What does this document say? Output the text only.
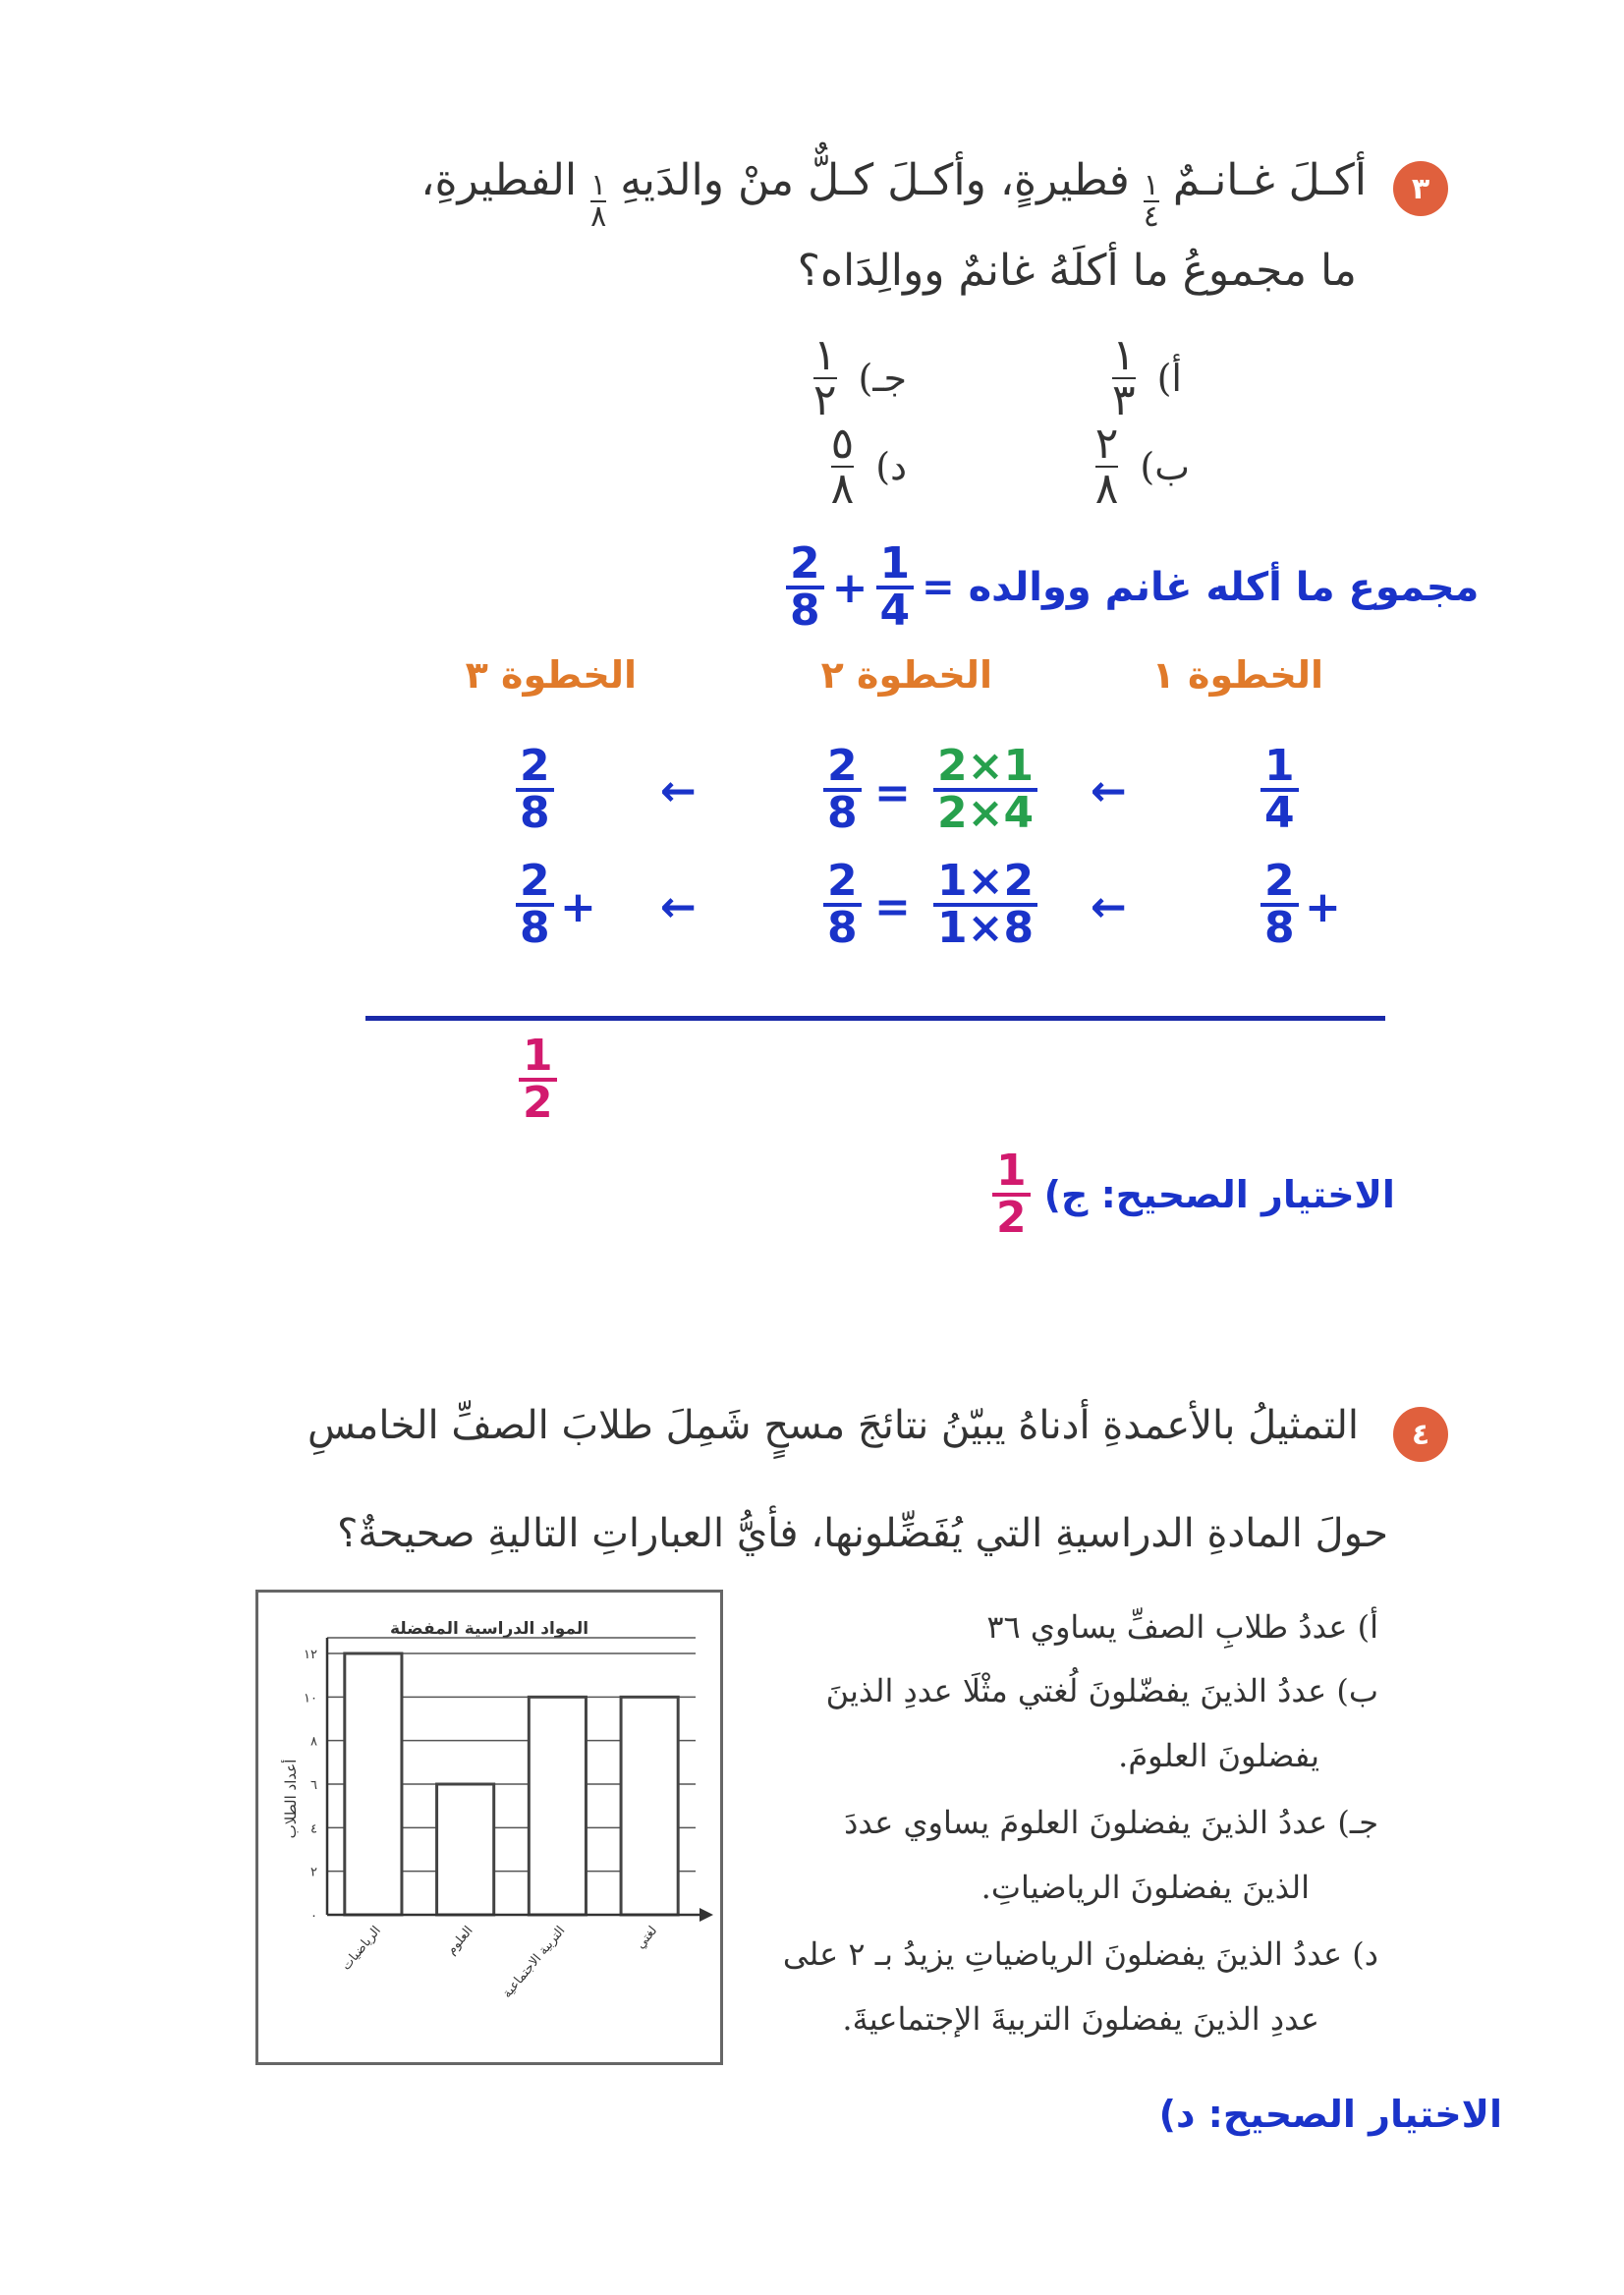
٣
أكـلَ غـانـمٌ
١
٤
فطيرةٍ، وأكـلَ كـلٌّ منْ والدَيهِ
١
٨
الفطيرةِ،
ما مجموعُ ما أكلَهُ غانمٌ ووالِدَاه؟
أ)
١
٣
ب)
٢
٨
جـ)
١
٢
د)
٥
٨
$\frac{2}{8} + \frac{1}{4}$ مجموع ما أكله غانم ووالده =
الخطوة ١
الخطوة ٢
الخطوة ٣
$\frac{1}{4}$
←
$\frac{2\times 1}{2\times 4}$
=
$\frac{2}{8}$
←
$\frac{2}{8}$
+
$\frac{2}{8}$
←
$\frac{1\times 2}{1\times 8}$
=
$\frac{2}{8}$
←
+
$\frac{2}{8}$
$\frac{1}{2}$
$\frac{1}{2}$ الاختيار الصحيح: ج)
٤
التمثيلُ بالأعمدةِ أدناهُ يبيّنُ نتائجَ مسحٍ شَمِلَ طلابَ الصفِّ الخامسِ
حولَ المادةِ الدراسيةِ التي يُفَضِّلونها، فأيُّ العباراتِ التاليةِ صحيحةٌ؟
أ) عددُ طلابِ الصفِّ يساوي ٣٦
ب) عددُ الذينَ يفضّلونَ لُغتي مثْلَا عددِ الذينَ
يفضلونَ العلومَ.
جـ) عددُ الذينَ يفضلونَ العلومَ يساوي عددَ
الذينَ يفضلونَ الرياضياتِ.
د) عددُ الذينَ يفضلونَ الرياضياتِ يزيدُ بـ ٢ على
عددِ الذينَ يفضلونَ التربيةَ الإجتماعيةَ.
المواد الدراسية المفضلة
أعداد الطلاب
٠
٢
٤
٦
٨
١٠
١٢
الرياضيات	العلوم التربية الاجتماعية	لغتي
الاختيار الصحيح: د)
